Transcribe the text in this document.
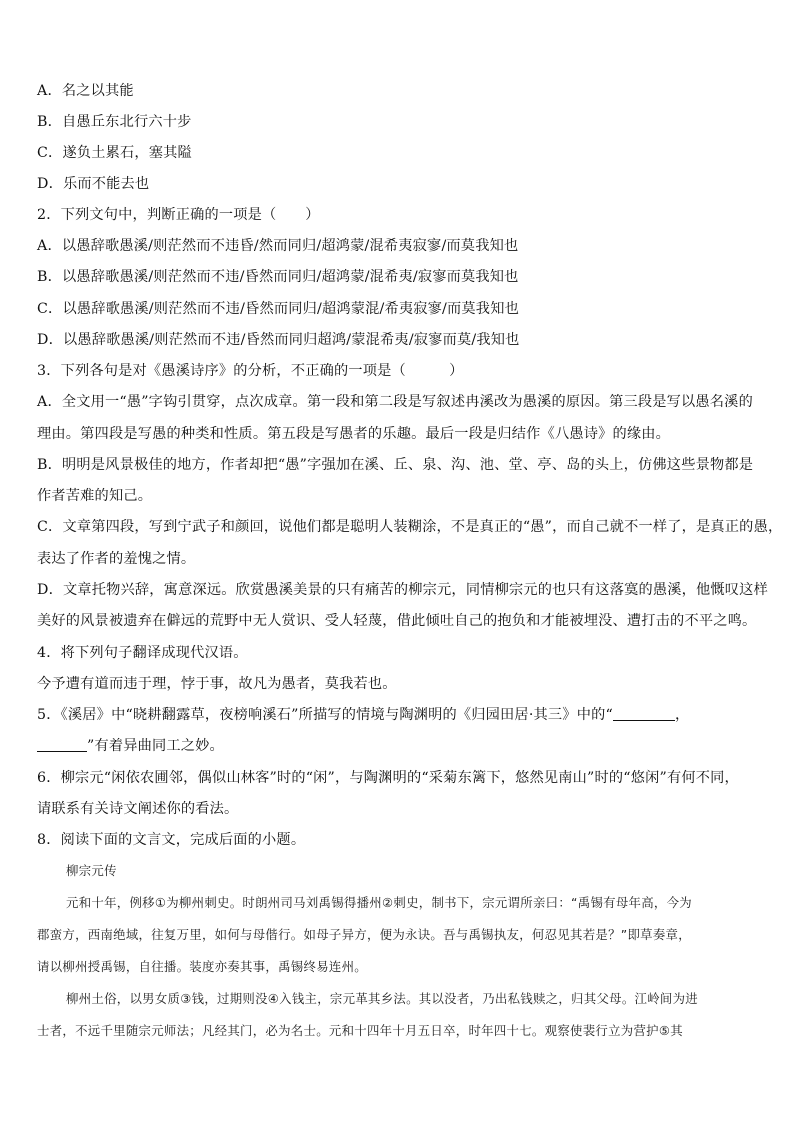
A．名之以其能
B．自愚丘东北行六十步
C．遂负土累石，塞其隘
D．乐而不能去也
2．下列文句中，判断正确的一项是（　　）
A．以愚辞歌愚溪/则茫然而不违昏/然而同归/超鸿蒙/混希夷寂寥/而莫我知也
B．以愚辞歌愚溪/则茫然而不违/昏然而同归/超鸿蒙/混希夷/寂寥而莫我知也
C．以愚辞歌愚溪/则茫然而不违/昏然而同归/超鸿蒙混/希夷寂寥/而莫我知也
D．以愚辞歌愚溪/则茫然而不违/昏然而同归超鸿/蒙混希夷/寂寥而莫/我知也
3．下列各句是对《愚溪诗序》的分析，不正确的一项是（　　　）
A．全文用一“愚”字钩引贯穿，点次成章。第一段和第二段是写叙述冉溪改为愚溪的原因。第三段是写以愚名溪的
理由。第四段是写愚的种类和性质。第五段是写愚者的乐趣。最后一段是归结作《八愚诗》的缘由。
B．明明是风景极佳的地方，作者却把“愚”字强加在溪、丘、泉、沟、池、堂、亭、岛的头上，仿佛这些景物都是
作者苦难的知己。
C．文章第四段，写到宁武子和颜回，说他们都是聪明人装糊涂，不是真正的“愚”，而自己就不一样了，是真正的愚，
表达了作者的羞愧之情。
D．文章托物兴辞，寓意深远。欣赏愚溪美景的只有痛苦的柳宗元，同情柳宗元的也只有这落寞的愚溪，他慨叹这样
美好的风景被遗弃在僻远的荒野中无人赏识、受人轻蔑，借此倾吐自己的抱负和才能被埋没、遭打击的不平之鸣。
4．将下列句子翻译成现代汉语。
今予遭有道而违于理，悖于事，故凡为愚者，莫我若也。
5．《溪居》中“晓耕翻露草，夜榜响溪石”所描写的情境与陶渊明的《归园田居·其三》中的“	，
”有着异曲同工之妙。
6．柳宗元“闲依农圃邻，偶似山林客”时的“闲”，与陶渊明的“采菊东篱下，悠然见南山”时的“悠闲”有何不同，
请联系有关诗文阐述你的看法。
8．阅读下面的文言文，完成后面的小题。
柳宗元传
元和十年，例移①为柳州刺史。时朗州司马刘禹锡得播州②刺史，制书下，宗元谓所亲曰：“禹锡有母年高，今为
郡蛮方，西南绝域，往复万里，如何与母偕行。如母子异方，便为永诀。吾与禹锡执友，何忍见其若是？”即草奏章，
请以柳州授禹锡，自往播。装度亦奏其事，禹锡终易连州。
柳州土俗，以男女质③钱，过期则没④入钱主，宗元革其乡法。其以没者，乃出私钱赎之，归其父母。江岭间为进
士者，不远千里随宗元师法；凡经其门，必为名士。元和十四年十月五日卒，时年四十七。观察使裴行立为营护⑤其
